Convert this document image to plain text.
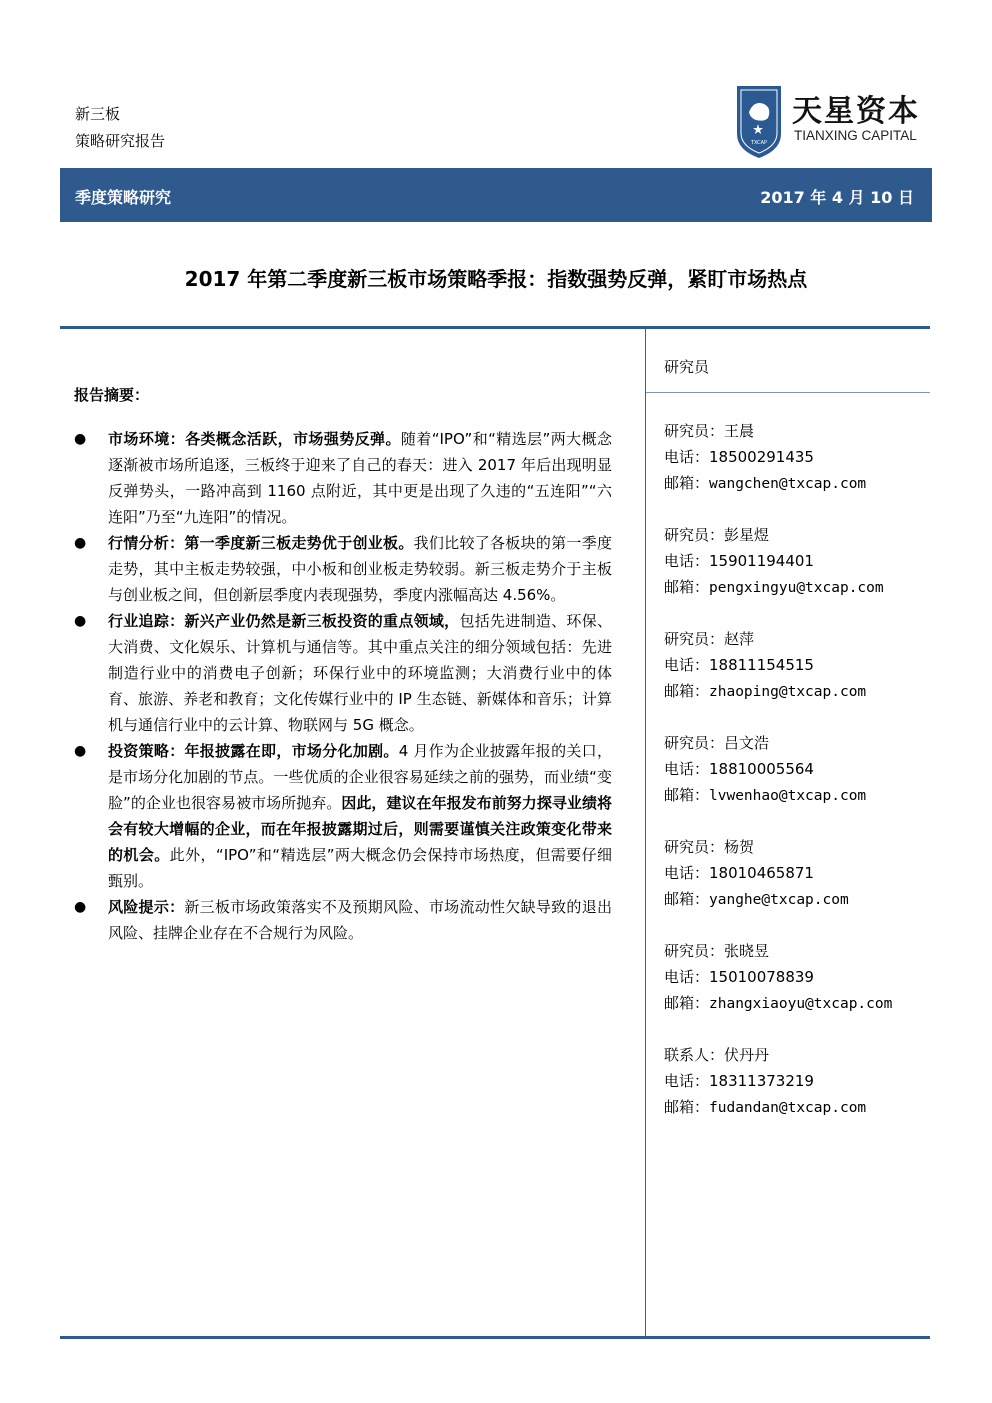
新三板
策略研究报告	TXCAP
天星资本
TIANXING CAPITAL
季度策略研究	2017 年 4 月 10 日
2017 年第二季度新三板市场策略季报：指数强势反弹，紧盯市场热点
研究员
研究员：王晨
电话：18500291435
邮箱：wangchen@txcap.com
研究员：彭星煜
电话：15901194401
邮箱：pengxingyu@txcap.com
研究员：赵萍
电话：18811154515
邮箱：zhaoping@txcap.com
研究员：吕文浩
电话：18810005564
邮箱：lvwenhao@txcap.com
研究员：杨贺
电话：18010465871
邮箱：yanghe@txcap.com
研究员：张晓昱
电话：15010078839
邮箱：zhangxiaoyu@txcap.com
联系人：伏丹丹
电话：18311373219
邮箱：fudandan@txcap.com
报告摘要：
● 市场环境：各类概念活跃，市场强势反弹。随着“IPO”和“精选层”两大概念逐渐被市场所追逐，三板终于迎来了自己的春天：进入 2017 年后出现明显反弹势头，一路冲高到 1160 点附近，其中更是出现了久违的“五连阳”“六连阳”乃至“九连阳”的情况。
● 行情分析：第一季度新三板走势优于创业板。我们比较了各板块的第一季度走势，其中主板走势较强，中小板和创业板走势较弱。新三板走势介于主板与创业板之间，但创新层季度内表现强势，季度内涨幅高达 4.56%。
● 行业追踪：新兴产业仍然是新三板投资的重点领域，包括先进制造、环保、大消费、文化娱乐、计算机与通信等。其中重点关注的细分领域包括：先进制造行业中的消费电子创新；环保行业中的环境监测；大消费行业中的体育、旅游、养老和教育；文化传媒行业中的 IP 生态链、新媒体和音乐；计算机与通信行业中的云计算、物联网与 5G 概念。
● 投资策略：年报披露在即，市场分化加剧。4 月作为企业披露年报的关口，是市场分化加剧的节点。一些优质的企业很容易延续之前的强势，而业绩“变脸”的企业也很容易被市场所抛弃。因此，建议在年报发布前努力探寻业绩将会有较大增幅的企业，而在年报披露期过后，则需要谨慎关注政策变化带来的机会。此外，“IPO”和“精选层”两大概念仍会保持市场热度，但需要仔细甄别。
● 风险提示：新三板市场政策落实不及预期风险、市场流动性欠缺导致的退出风险、挂牌企业存在不合规行为风险。
